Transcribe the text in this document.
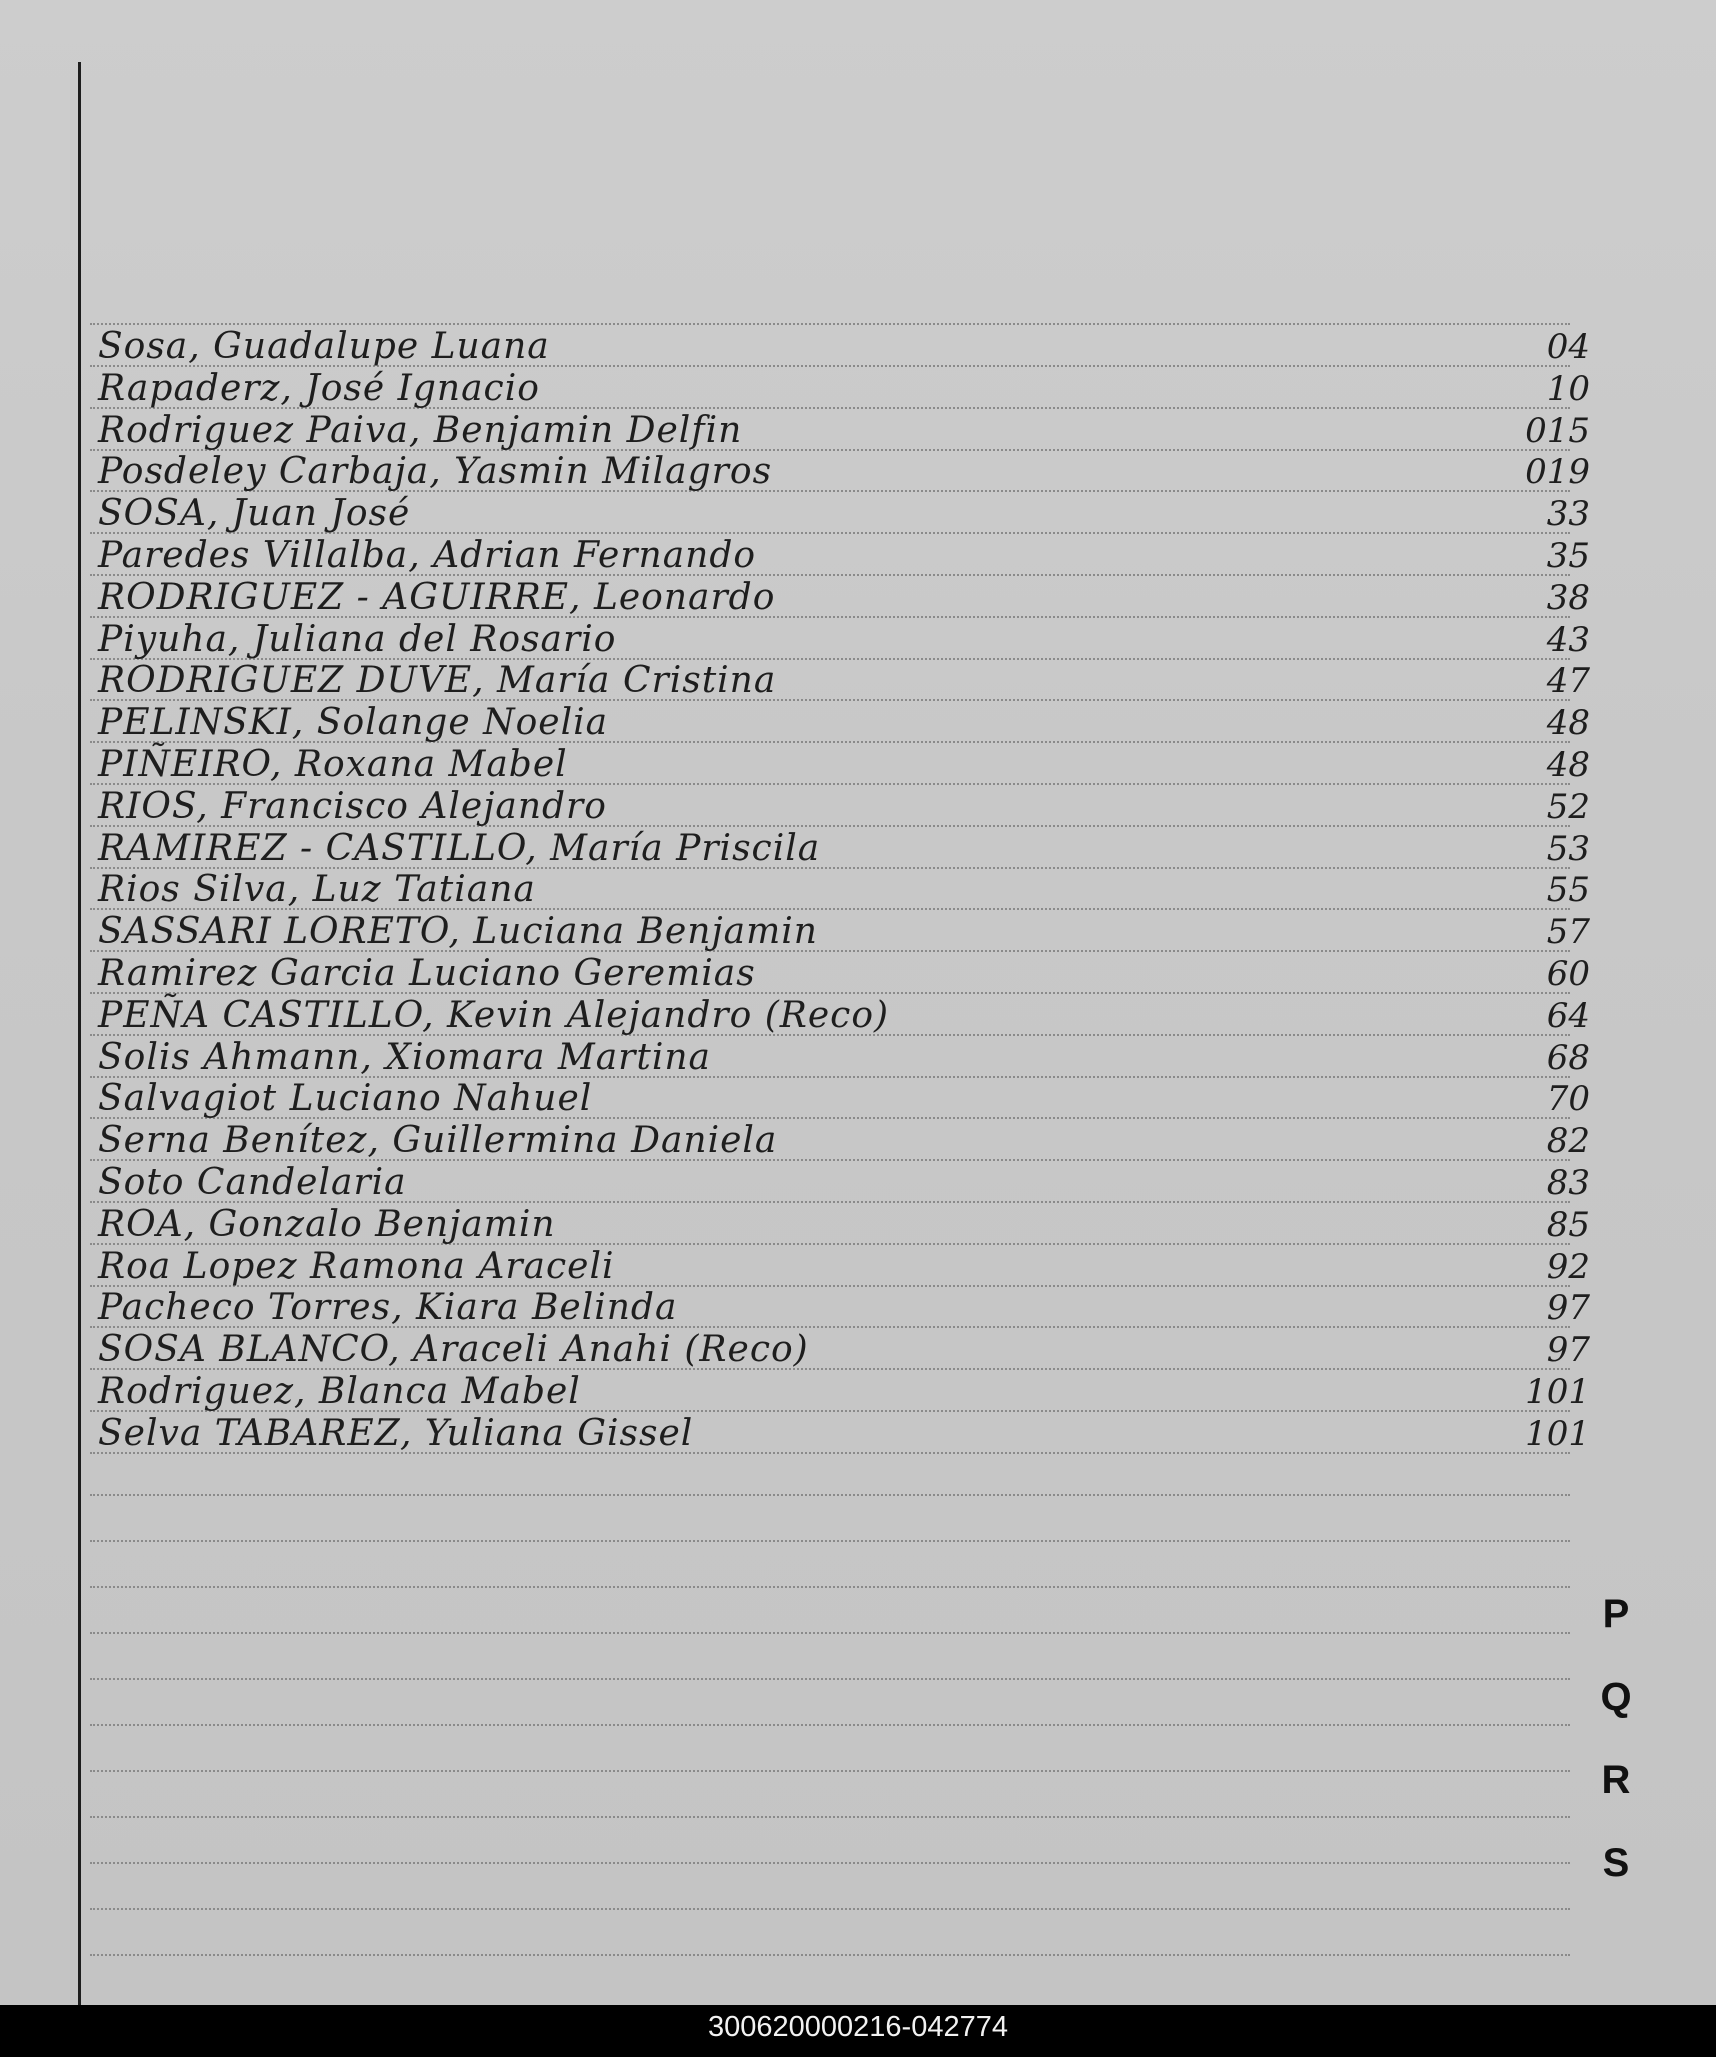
Sosa, Guadalupe Luana	04
Rapaderz, José Ignacio	10
Rodriguez Paiva, Benjamin Delfin	015
Posdeley Carbaja, Yasmin Milagros	019
SOSA, Juan José	33
Paredes Villalba, Adrian Fernando	35
RODRIGUEZ - AGUIRRE, Leonardo	38
Piyuha, Juliana del Rosario	43
RODRIGUEZ DUVE, María Cristina	47
PELINSKI, Solange Noelia	48
PIÑEIRO, Roxana Mabel	48
RIOS, Francisco Alejandro	52
RAMIREZ - CASTILLO, María Priscila	53
Rios Silva, Luz Tatiana	55
SASSARI LORETO, Luciana Benjamin	57
Ramirez Garcia Luciano Geremias	60
PEÑA CASTILLO, Kevin Alejandro (Reco)	64
Solis Ahmann, Xiomara Martina	68
Salvagiot Luciano Nahuel	70
Serna Benítez, Guillermina Daniela	82
Soto Candelaria	83
ROA, Gonzalo Benjamin	85
Roa Lopez Ramona Araceli	92
Pacheco Torres, Kiara Belinda	97
SOSA BLANCO, Araceli Anahi (Reco)	97
Rodriguez, Blanca Mabel	101
Selva TABAREZ, Yuliana Gissel	101
P
Q
R
S
300620000216-042774
